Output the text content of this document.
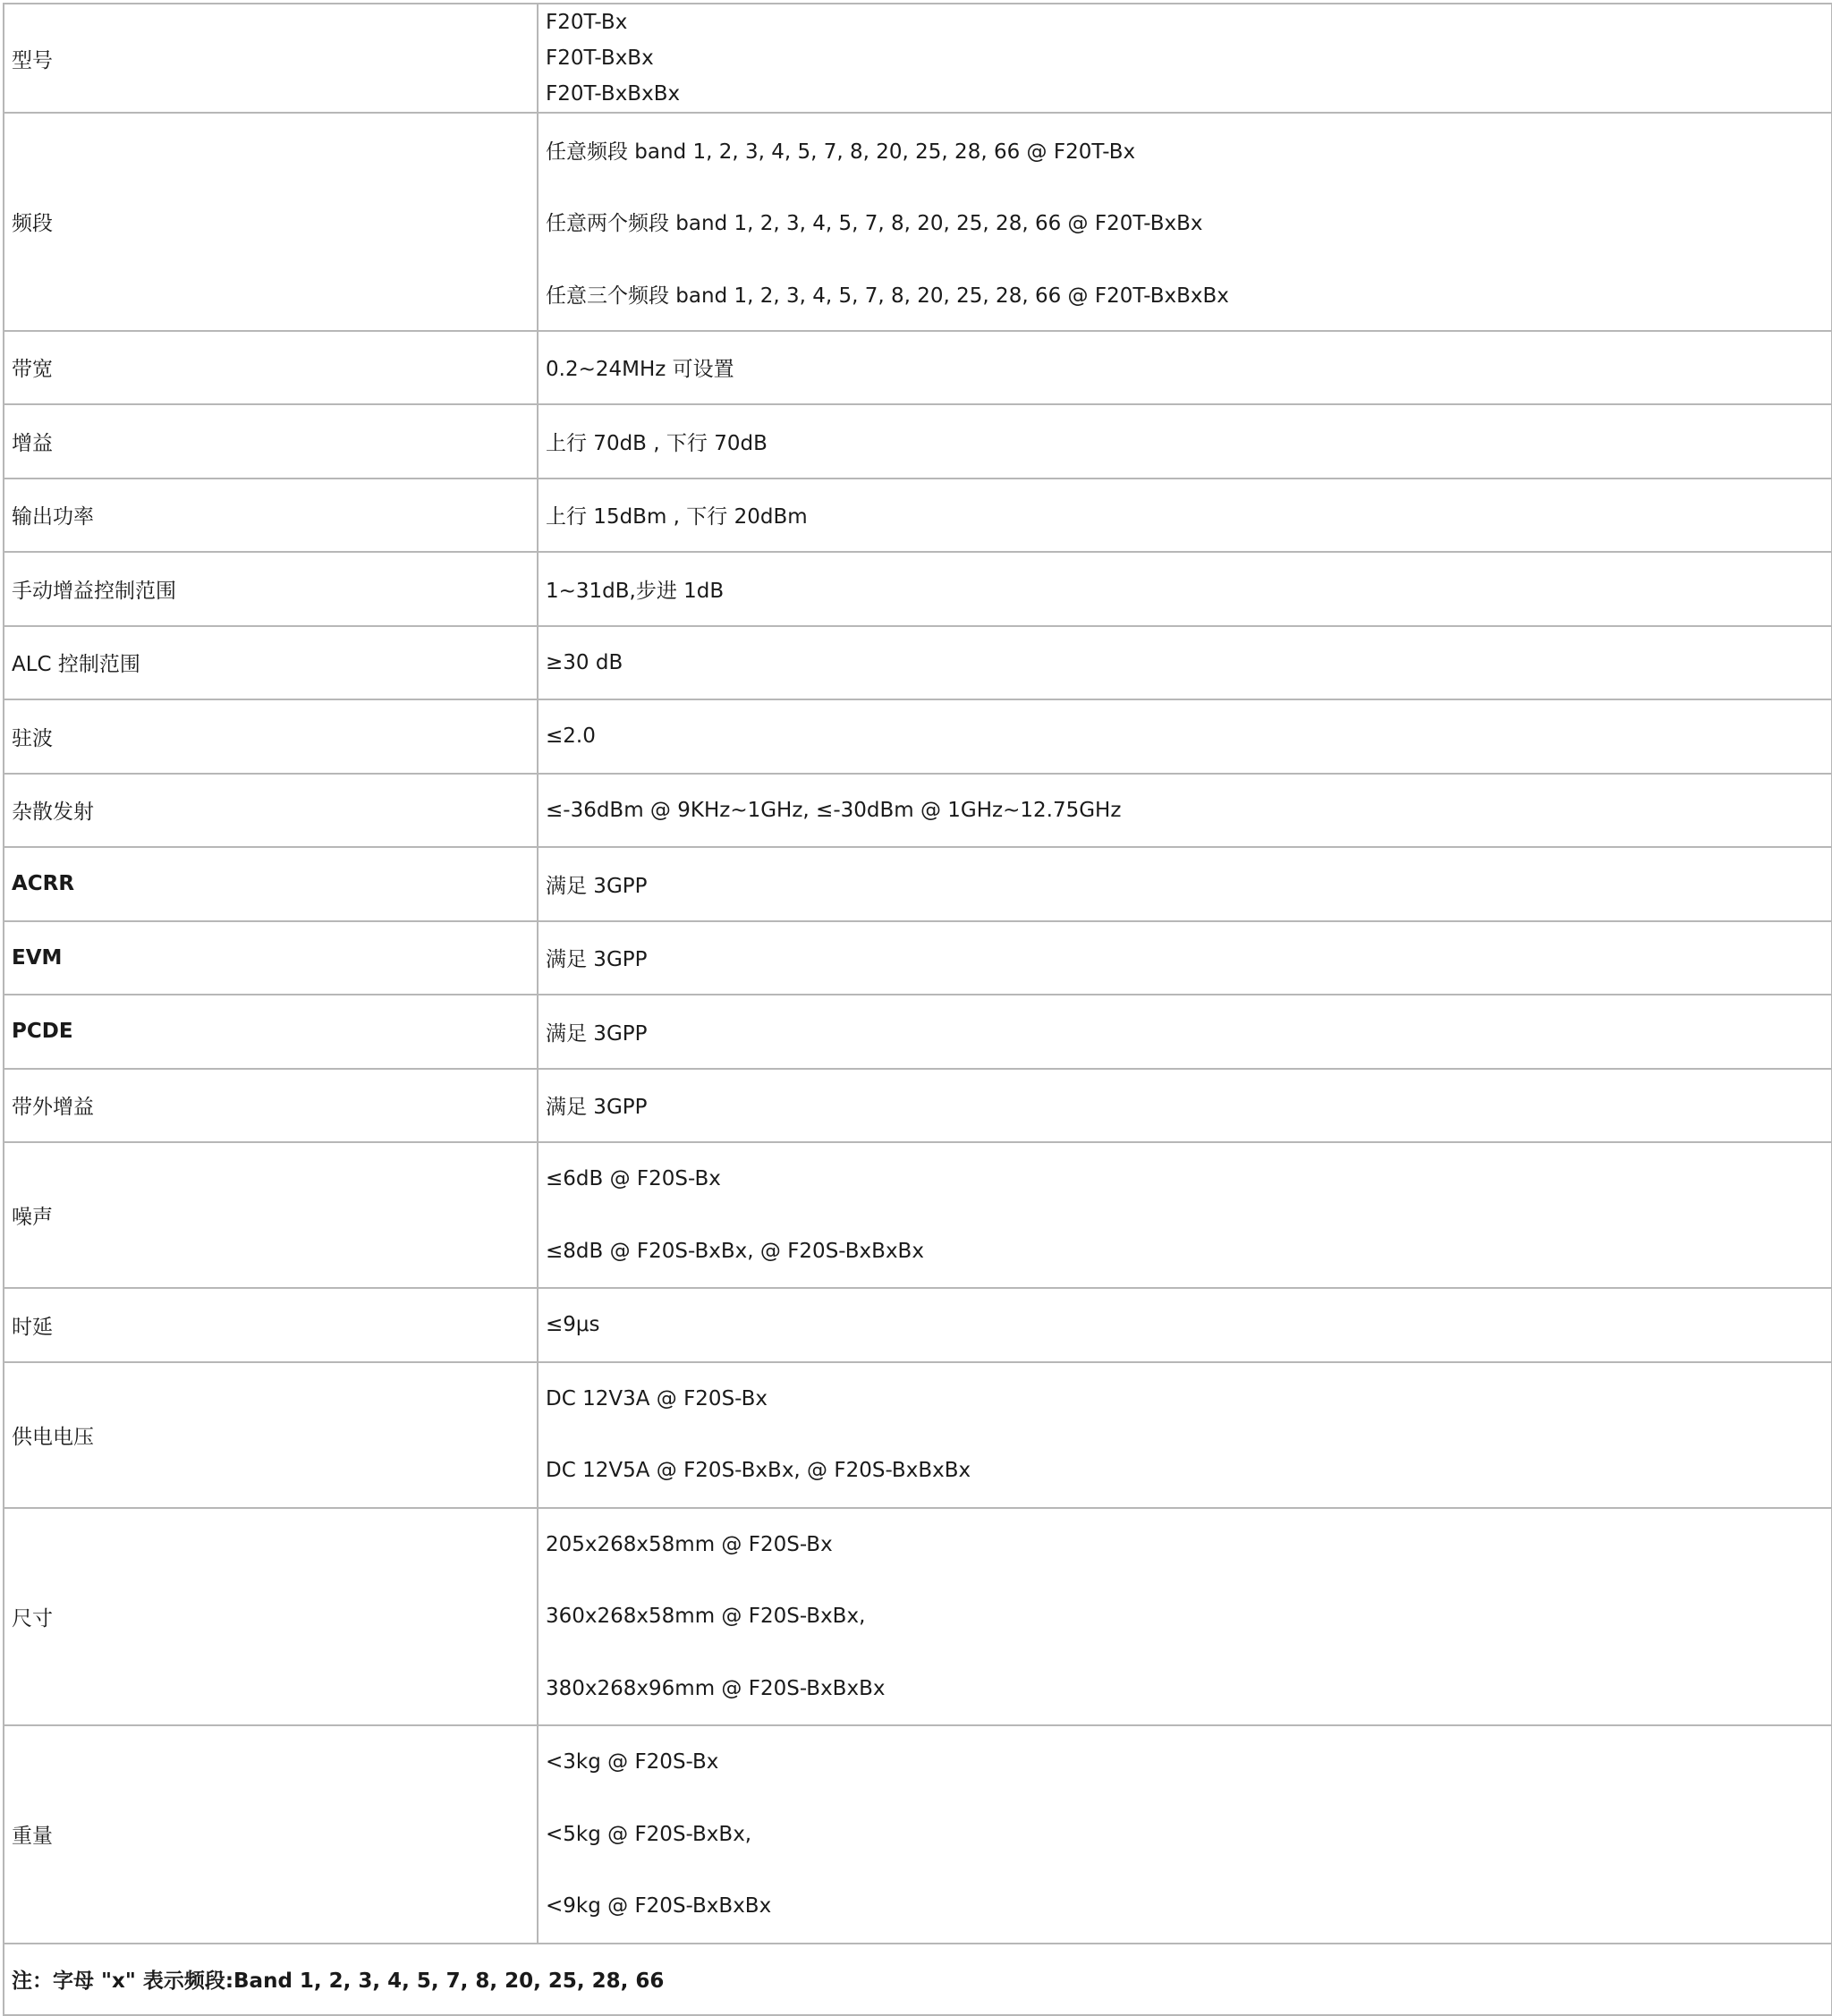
型号	F20T-Bx
F20T-BxBx
F20T-BxBxBx

频段	任意频段 band 1, 2, 3, 4, 5, 7, 8, 20, 25, 28, 66 @ F20T-Bx
任意两个频段 band 1, 2, 3, 4, 5, 7, 8, 20, 25, 28, 66 @ F20T-BxBx
任意三个频段 band 1, 2, 3, 4, 5, 7, 8, 20, 25, 28, 66 @ F20T-BxBxBx

带宽	0.2~24MHz 可设置

增益	上行 70dB , 下行 70dB

输出功率	上行 15dBm , 下行 20dBm

手动增益控制范围	1~31dB,步进 1dB

ALC 控制范围	≥30 dB

驻波	≤2.0

杂散发射	≤-36dBm @ 9KHz~1GHz, ≤-30dBm @ 1GHz~12.75GHz

ACRR	满足 3GPP

EVM	满足 3GPP

PCDE	满足 3GPP

带外增益	满足 3GPP

噪声	≤6dB @ F20S-Bx
≤8dB @ F20S-BxBx, @ F20S-BxBxBx

时延	≤9μs

供电电压	DC 12V3A @ F20S-Bx
DC 12V5A @ F20S-BxBx, @ F20S-BxBxBx

尺寸	205x268x58mm @ F20S-Bx
360x268x58mm @ F20S-BxBx,
380x268x96mm @ F20S-BxBxBx

重量	<3kg @ F20S-Bx
<5kg @ F20S-BxBx,
<9kg @ F20S-BxBxBx

注：字母 "x" 表示频段:Band 1, 2, 3, 4, 5, 7, 8, 20, 25, 28, 66	
